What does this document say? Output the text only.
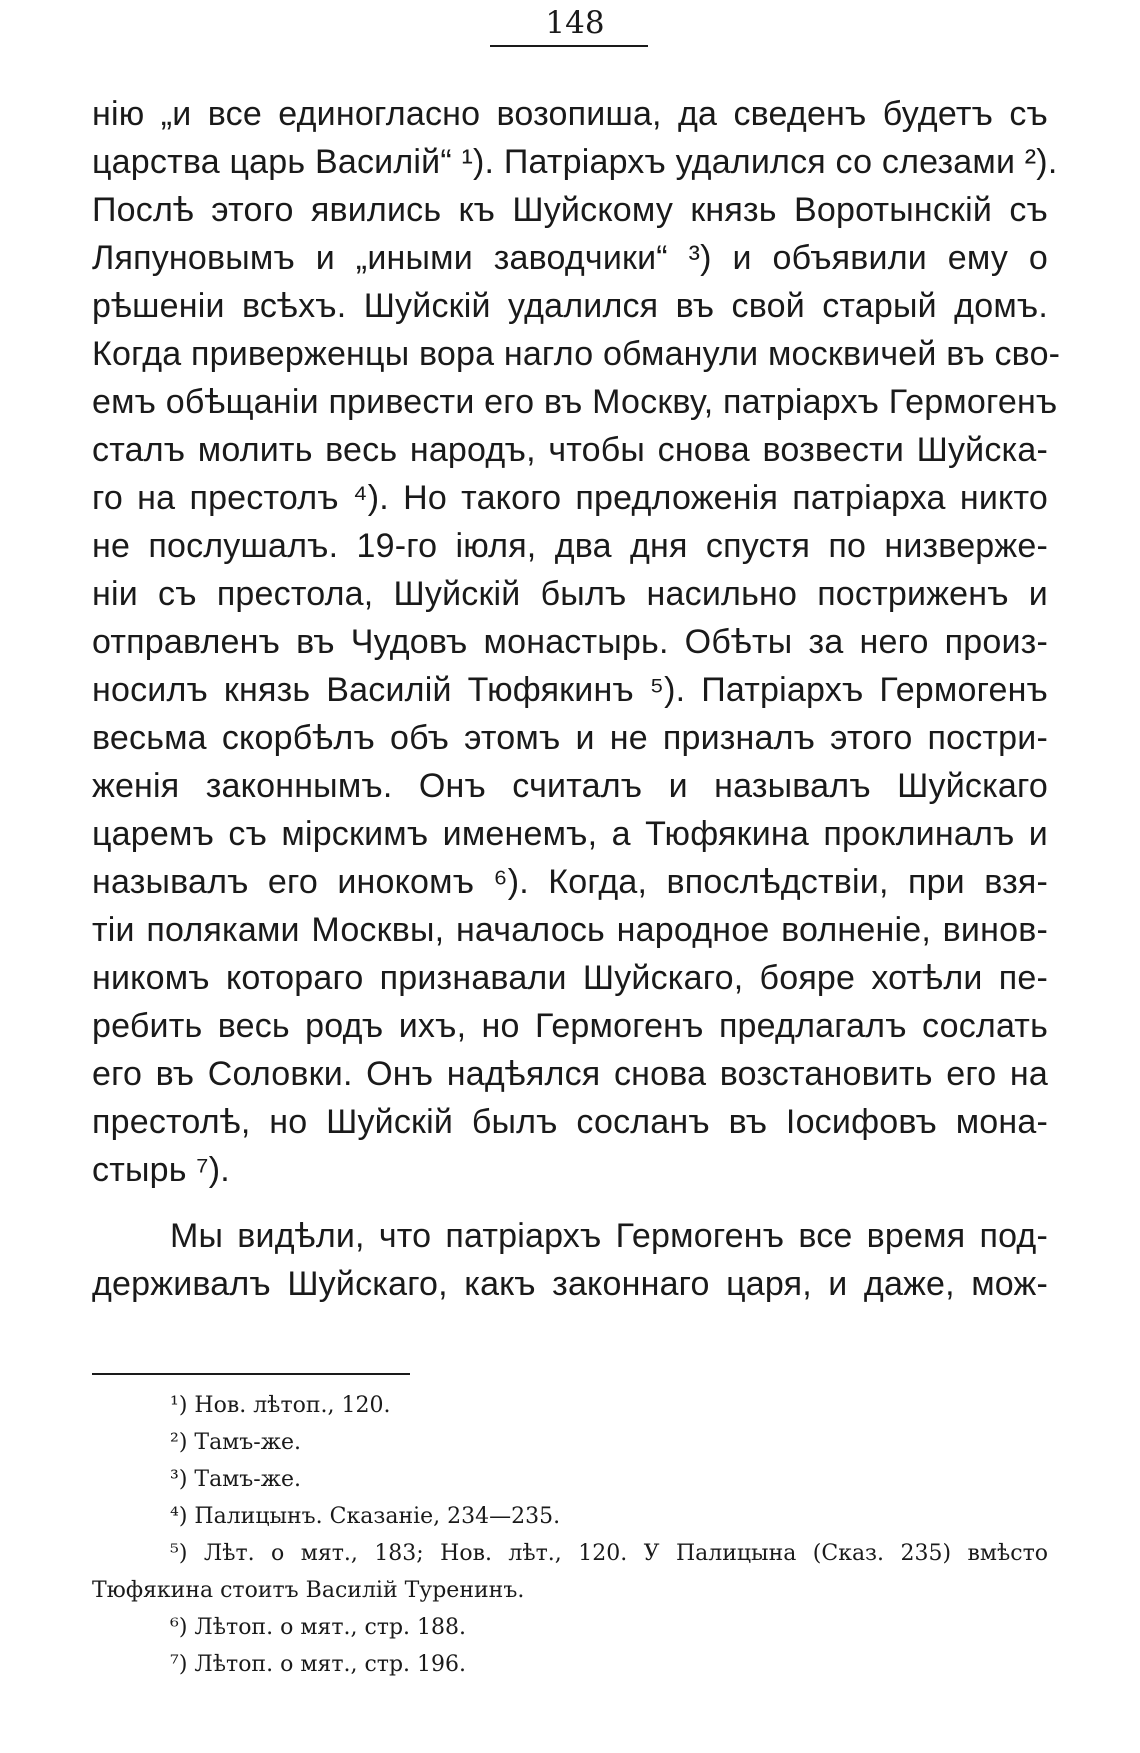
148
нію „и все единогласно возопиша, да сведенъ будетъ съ
царства царь Василій“ ¹). Патріархъ удалился со слезами ²).
Послѣ этого явились къ Шуйскому князь Воротынскій съ
Ляпуновымъ и „иными заводчики“ ³) и объявили ему о
рѣшеніи всѣхъ. Шуйскій удалился въ свой старый домъ.
Когда приверженцы вора нагло обманули москвичей въ сво-
емъ обѣщаніи привести его въ Москву, патріархъ Гермогенъ
сталъ молить весь народъ, чтобы снова возвести Шуйска-
го на престолъ ⁴). Но такого предложенія патріарха никто
не послушалъ. 19-го іюля, два дня спустя по низверже-
ніи съ престола, Шуйскій былъ насильно постриженъ и
отправленъ въ Чудовъ монастырь. Обѣты за него произ-
носилъ князь Василій Тюфякинъ ⁵). Патріархъ Гермогенъ
весьма скорбѣлъ объ этомъ и не призналъ этого постри-
женія законнымъ. Онъ считалъ и называлъ Шуйскаго
царемъ съ мірскимъ именемъ, а Тюфякина проклиналъ и
называлъ его инокомъ ⁶). Когда, впослѣдствіи, при взя-
тіи поляками Москвы, началось народное волненіе, винов-
никомъ котораго признавали Шуйскаго, бояре хотѣли пе-
ребить весь родъ ихъ, но Гермогенъ предлагалъ сослать
его въ Соловки. Онъ надѣялся снова возстановить его на
престолѣ, но Шуйскій былъ сосланъ въ Іосифовъ мона-
стырь ⁷).
Мы видѣли, что патріархъ Гермогенъ все время под-
держивалъ Шуйскаго, какъ законнаго царя, и даже, мож-
¹) Нов. лѣтоп., 120.
²) Тамъ-же.
³) Тамъ-же.
⁴) Палицынъ. Сказаніе, 234—235.
⁵) Лѣт. о мят., 183; Нов. лѣт., 120. У Палицына (Сказ. 235) вмѣсто
Тюфякина стоитъ Василій Туренинъ.
⁶) Лѣтоп. о мят., стр. 188.
⁷) Лѣтоп. о мят., стр. 196.
